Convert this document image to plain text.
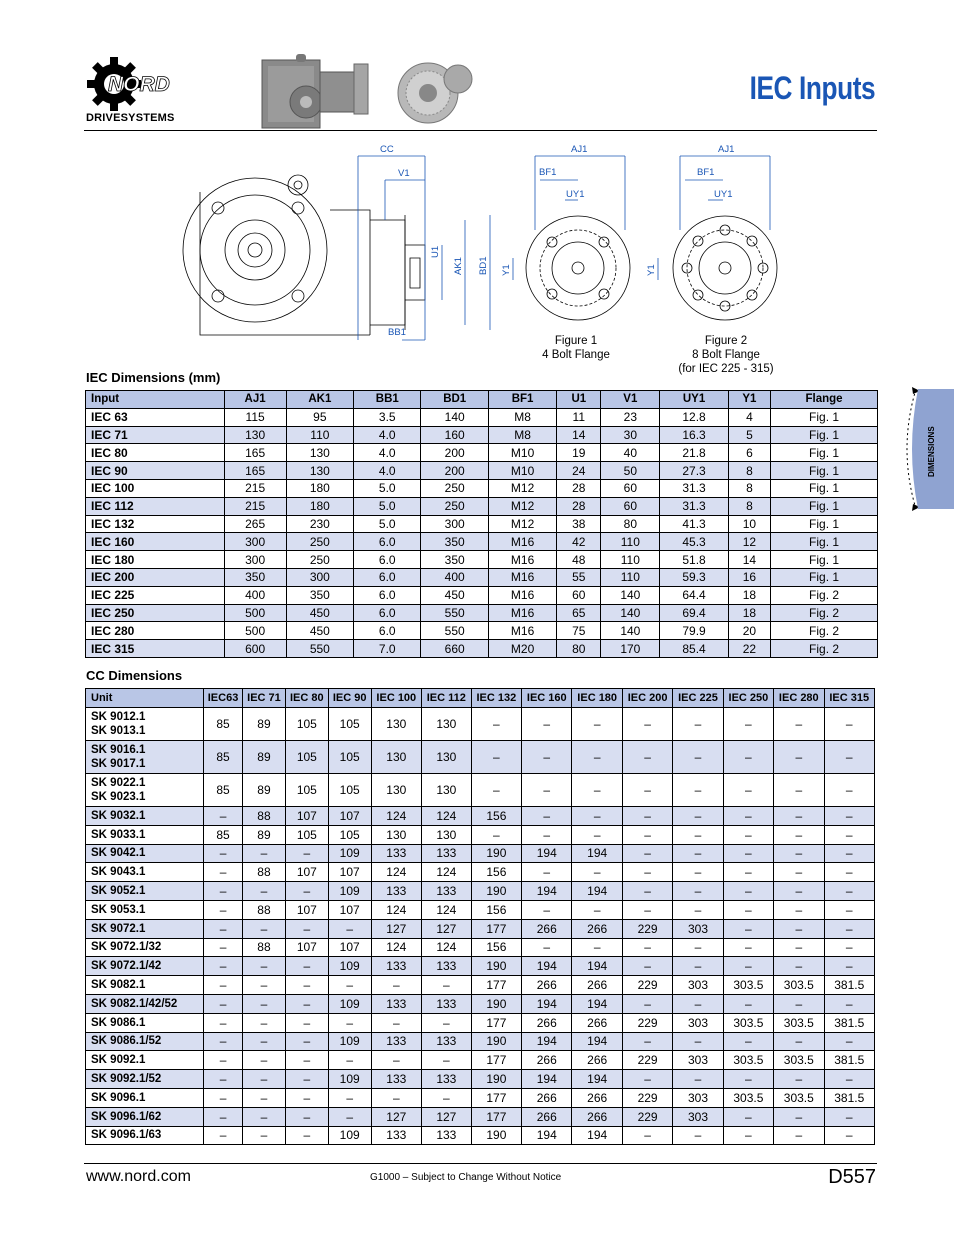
NORD
DRIVESYSTEMS
IEC Inputs
CC
V1
U1
AK1 BD1
BB1
AJ1
BF1
UY1
Y1
AJ1
BF1
UY1
Y1
Figure 1
4 Bolt Flange
Figure 2
8 Bolt Flange
(for IEC 225 - 315)
IEC Dimensions (mm)
Input	AJ1	AK1	BB1	BD1	BF1	U1	V1	UY1	Y1	Flange
IEC 63	115	95	3.5	140	M8	11	23	12.8	4	Fig. 1
IEC 71	130	110	4.0	160	M8	14	30	16.3	5	Fig. 1
IEC 80	165	130	4.0	200	M10	19	40	21.8	6	Fig. 1
IEC 90	165	130	4.0	200	M10	24	50	27.3	8	Fig. 1
IEC 100	215	180	5.0	250	M12	28	60	31.3	8	Fig. 1
IEC 112	215	180	5.0	250	M12	28	60	31.3	8	Fig. 1
IEC 132	265	230	5.0	300	M12	38	80	41.3	10	Fig. 1
IEC 160	300	250	6.0	350	M16	42	110	45.3	12	Fig. 1
IEC 180	300	250	6.0	350	M16	48	110	51.8	14	Fig. 1
IEC 200	350	300	6.0	400	M16	55	110	59.3	16	Fig. 1
IEC 225	400	350	6.0	450	M16	60	140	64.4	18	Fig. 2
IEC 250	500	450	6.0	550	M16	65	140	69.4	18	Fig. 2
IEC 280	500	450	6.0	550	M16	75	140	79.9	20	Fig. 2
IEC 315	600	550	7.0	660	M20	80	170	85.4	22	Fig. 2
CC Dimensions
Unit	IEC63	IEC 71	IEC 80	IEC 90	IEC 100	IEC 112	IEC 132	IEC 160	IEC 180	IEC 200	IEC 225	IEC 250	IEC 280	IEC 315

SK 9012.1
SK 9013.1	85	89	105	105	130	130	–	–	–	–	–	–	–	–

SK 9016.1
SK 9017.1	85	89	105	105	130	130	–	–	–	–	–	–	–	–

SK 9022.1
SK 9023.1	85	89	105	105	130	130	–	–	–	–	–	–	–	–

SK 9032.1	–	88	107	107	124	124	156	–	–	–	–	–	–	–

SK 9033.1	85	89	105	105	130	130	–	–	–	–	–	–	–	–

SK 9042.1	–	–	–	109	133	133	190	194	194	–	–	–	–	–

SK 9043.1	–	88	107	107	124	124	156	–	–	–	–	–	–	–

SK 9052.1	–	–	–	109	133	133	190	194	194	–	–	–	–	–

SK 9053.1	–	88	107	107	124	124	156	–	–	–	–	–	–	–

SK 9072.1	–	–	–	–	127	127	177	266	266	229	303	–	–	–

SK 9072.1/32	–	88	107	107	124	124	156	–	–	–	–	–	–	–

SK 9072.1/42	–	–	–	109	133	133	190	194	194	–	–	–	–	–

SK 9082.1	–	–	–	–	–	–	177	266	266	229	303	303.5	303.5	381.5

SK 9082.1/42/52	–	–	–	109	133	133	190	194	194	–	–	–	–	–

SK 9086.1	–	–	–	–	–	–	177	266	266	229	303	303.5	303.5	381.5

SK 9086.1/52	–	–	–	109	133	133	190	194	194	–	–	–	–	–

SK 9092.1	–	–	–	–	–	–	177	266	266	229	303	303.5	303.5	381.5

SK 9092.1/52	–	–	–	109	133	133	190	194	194	–	–	–	–	–

SK 9096.1	–	–	–	–	–	–	177	266	266	229	303	303.5	303.5	381.5

SK 9096.1/62	–	–	–	–	127	127	177	266	266	229	303	–	–	–

SK 9096.1/63	–	–	–	109	133	133	190	194	194	–	–	–	–	–
DIMENSIONS
www.nord.com	G1000 – Subject to Change Without Notice	D557
